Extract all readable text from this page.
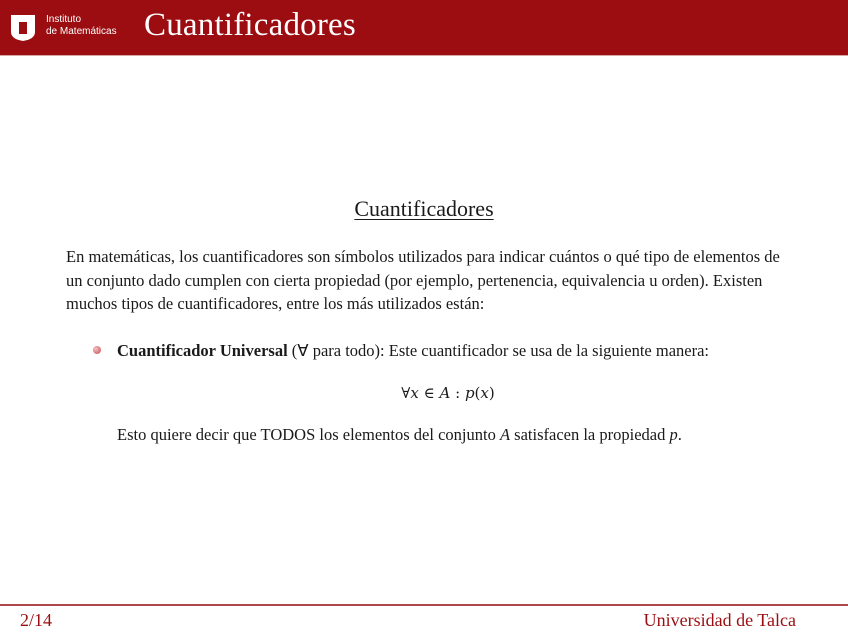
Instituto
de Matemáticas Cuantificadores
Cuantificadores
En matemáticas, los cuantificadores son símbolos utilizados para indicar cuántos o qué tipo de elementos de un conjunto dado cumplen con cierta propiedad (por ejemplo, pertenencia, equivalencia u orden). Existen muchos tipos de cuantificadores, entre los más utilizados están:
Cuantificador Universal (∀ para todo): Este cuantificador se usa de la siguiente manera:
∀x ∈ A : p(x)
Esto quiere decir que TODOS los elementos del conjunto A satisfacen la propiedad p.
2/14	Universidad de Talca
